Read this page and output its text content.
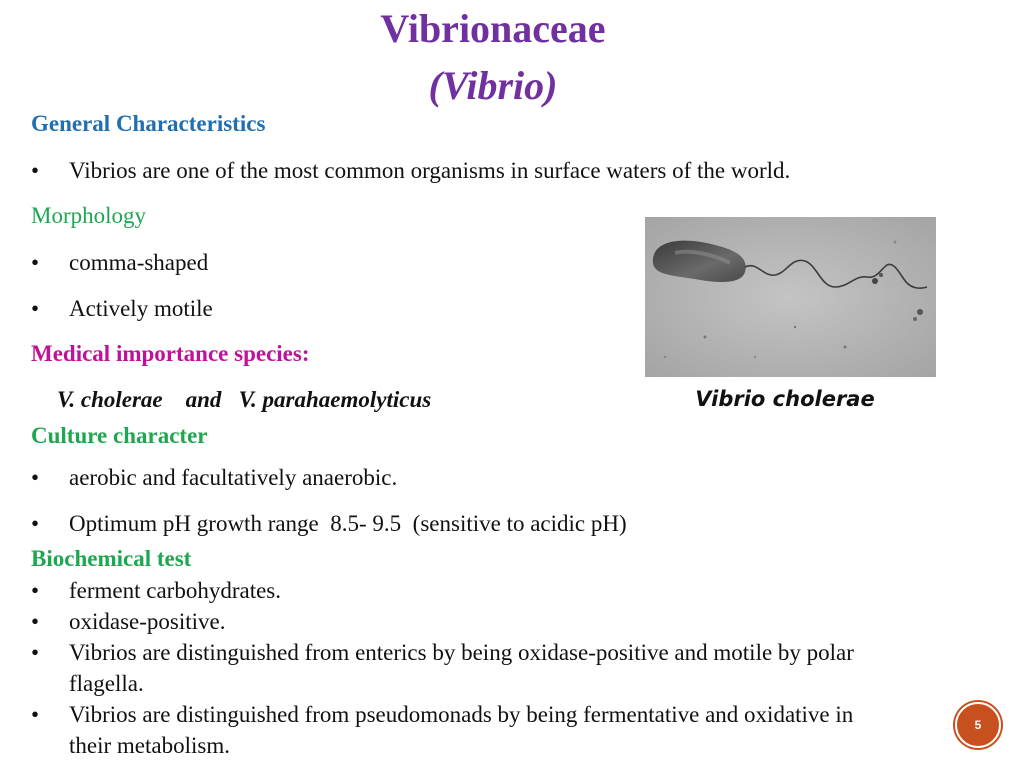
Vibrionaceae
(Vibrio)
General Characteristics
• Vibrios are one of the most common organisms in surface waters of the world.
Morphology
• comma-shaped
• Actively motile
Medical importance species:
V. cholerae    and   V. parahaemolyticus	Vibrio cholerae
Culture character
• aerobic and facultatively anaerobic.
• Optimum pH growth range  8.5- 9.5  (sensitive to acidic pH)
Biochemical test
• ferment carbohydrates.
• oxidase-positive.
• Vibrios are distinguished from enterics by being oxidase-positive and motile by polar
flagella.
• Vibrios are distinguished from pseudomonads by being fermentative and oxidative in
their metabolism.
5
